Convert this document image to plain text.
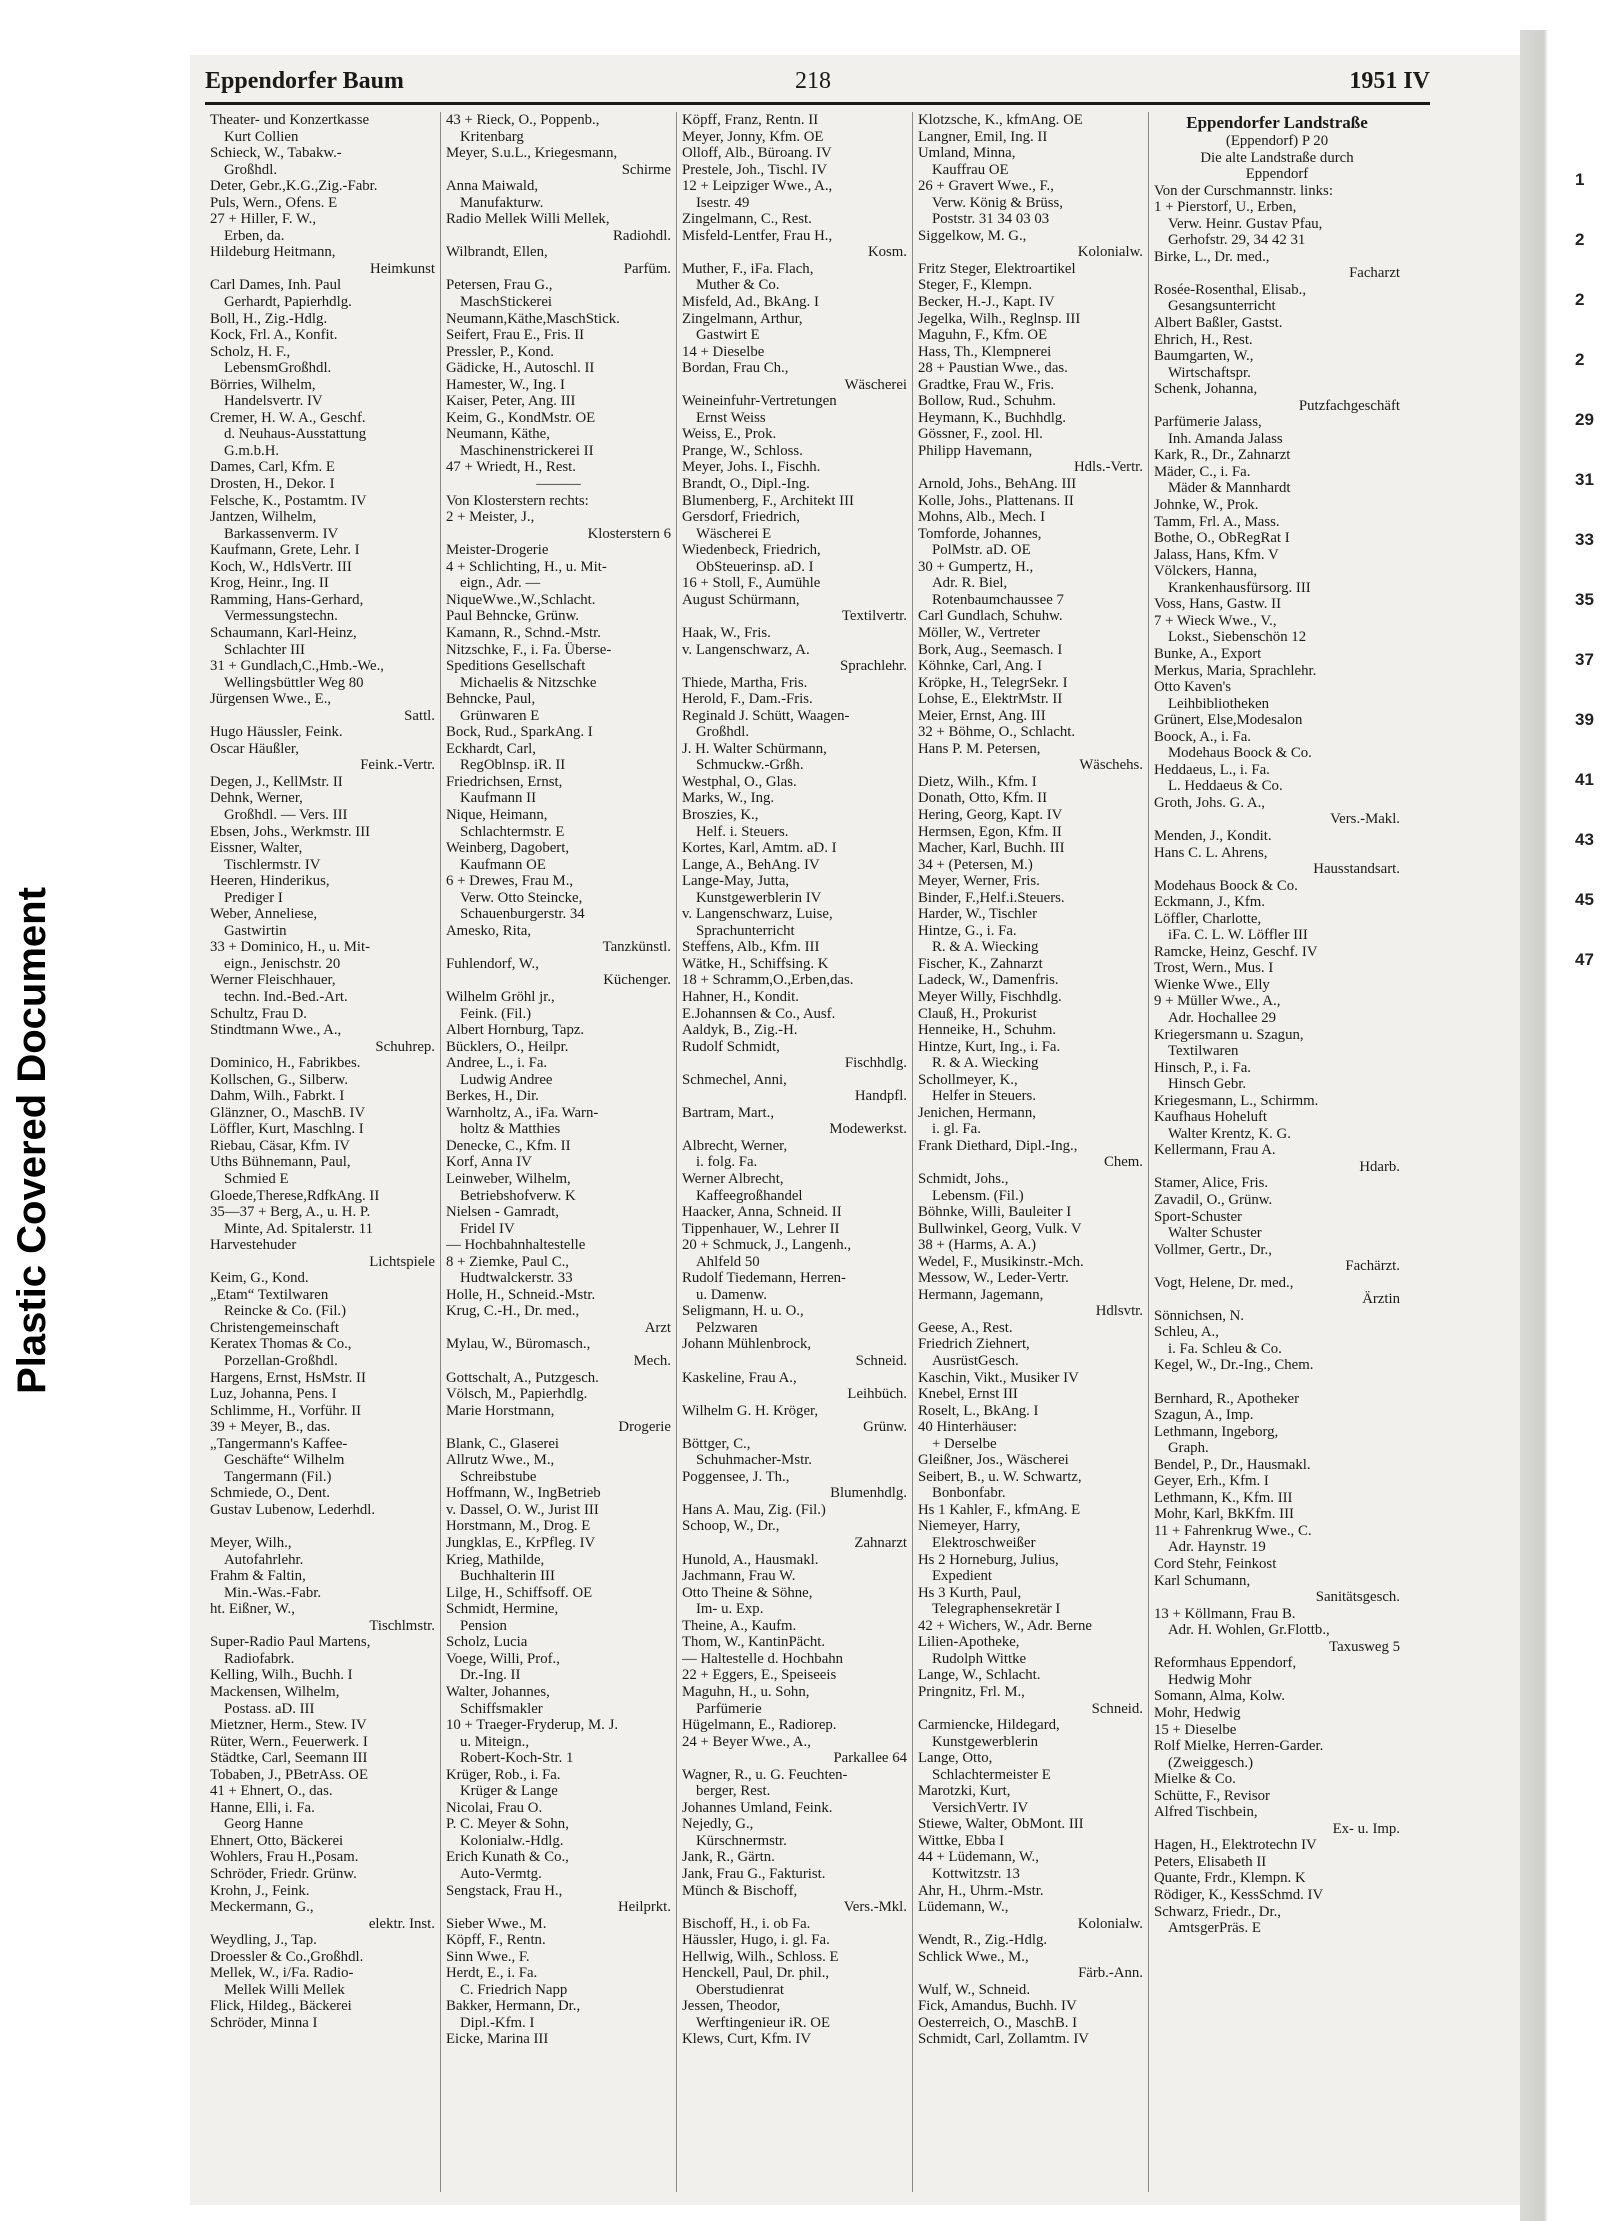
Plastic Covered Document
1
2
2
2
29
31
33
35
37
39
41
43
45
47
Eppendorfer Baum	218	1951 IV
Theater- und Konzertkasse
Kurt Collien
Schieck, W., Tabakw.-
Großhdl.
Deter, Gebr.,K.G.,Zig.-Fabr.
Puls, Wern., Ofens. E
27 + Hiller, F. W.,
Erben, da.
Hildeburg Heitmann,
Heimkunst
Carl Dames, Inh. Paul
Gerhardt, Papierhdlg.
Boll, H., Zig.-Hdlg.
Kock, Frl. A., Konfit.
Scholz, H. F.,
LebensmGroßhdl.
Börries, Wilhelm,
Handelsvertr. IV
Cremer, H. W. A., Geschf.
d. Neuhaus-Ausstattung
G.m.b.H.
Dames, Carl, Kfm. E
Drosten, H., Dekor. I
Felsche, K., Postamtm. IV
Jantzen, Wilhelm,
Barkassenverm. IV
Kaufmann, Grete, Lehr. I
Koch, W., HdlsVertr. III
Krog, Heinr., Ing. II
Ramming, Hans-Gerhard,
Vermessungstechn.
Schaumann, Karl-Heinz,
Schlachter III
31 + Gundlach,C.,Hmb.-We.,
Wellingsbüttler Weg 80
Jürgensen Wwe., E.,
Sattl.
Hugo Häussler, Feink.
Oscar Häußler,
Feink.-Vertr.
Degen, J., KellMstr. II
Dehnk, Werner,
Großhdl. — Vers. III
Ebsen, Johs., Werkmstr. III
Eissner, Walter,
Tischlermstr. IV
Heeren, Hinderikus,
Prediger I
Weber, Anneliese,
Gastwirtin
33 + Dominico, H., u. Mit-
eign., Jenischstr. 20
Werner Fleischhauer,
techn. Ind.-Bed.-Art.
Schultz, Frau D.
Stindtmann Wwe., A.,
Schuhrep.
Dominico, H., Fabrikbes.
Kollschen, G., Silberw.
Dahm, Wilh., Fabrkt. I
Glänzner, O., MaschB. IV
Löffler, Kurt, Maschlng. I
Riebau, Cäsar, Kfm. IV
Uths Bühnemann, Paul,
Schmied E
Gloede,Therese,RdfkAng. II
35—37 + Berg, A., u. H. P.
Minte, Ad. Spitalerstr. 11
Harvestehuder
Lichtspiele
Keim, G., Kond.
„Etam“ Textilwaren
Reincke & Co. (Fil.)
Christengemeinschaft
Keratex Thomas & Co.,
Porzellan-Großhdl.
Hargens, Ernst, HsMstr. II
Luz, Johanna, Pens. I
Schlimme, H., Vorführ. II
39 + Meyer, B., das.
„Tangermann's Kaffee-
Geschäfte“ Wilhelm
Tangermann (Fil.)
Schmiede, O., Dent.
Gustav Lubenow, Lederhdl.

Meyer, Wilh.,
Autofahrlehr.
Frahm & Faltin,
Min.-Was.-Fabr.
ht. Eißner, W.,
Tischlmstr.
Super-Radio Paul Martens,
Radiofabrk.
Kelling, Wilh., Buchh. I
Mackensen, Wilhelm,
Postass. aD. III
Mietzner, Herm., Stew. IV
Rüter, Wern., Feuerwerk. I
Städtke, Carl, Seemann III
Tobaben, J., PBetrAss. OE
41 + Ehnert, O., das.
Hanne, Elli, i. Fa.
Georg Hanne
Ehnert, Otto, Bäckerei
Wohlers, Frau H.,Posam.
Schröder, Friedr. Grünw.
Krohn, J., Feink.
Meckermann, G.,
elektr. Inst.
Weydling, J., Tap.
Droessler & Co.,Großhdl.
Mellek, W., i/Fa. Radio-
Mellek Willi Mellek
Flick, Hildeg., Bäckerei
Schröder, Minna I
43 + Rieck, O., Poppenb.,
Kritenbarg
Meyer, S.u.L., Kriegesmann,
Schirme
Anna Maiwald,
Manufakturw.
Radio Mellek Willi Mellek,
Radiohdl.
Wilbrandt, Ellen,
Parfüm.
Petersen, Frau G.,
MaschStickerei
Neumann,Käthe,MaschStick.
Seifert, Frau E., Fris. II
Pressler, P., Kond.
Gädicke, H., Autoschl. II
Hamester, W., Ing. I
Kaiser, Peter, Ang. III
Keim, G., KondMstr. OE
Neumann, Käthe,
Maschinenstrickerei II
47 + Wriedt, H., Rest.
———
Von Klosterstern rechts:
2 + Meister, J.,
Klosterstern 6
Meister-Drogerie
4 + Schlichting, H., u. Mit-
eign., Adr. —
NiqueWwe.,W.,Schlacht.
Paul Behncke, Grünw.
Kamann, R., Schnd.-Mstr.
Nitzschke, F., i. Fa. Überse-
Speditions Gesellschaft
Michaelis & Nitzschke
Behncke, Paul,
Grünwaren E
Bock, Rud., SparkAng. I
Eckhardt, Carl,
RegOblnsp. iR. II
Friedrichsen, Ernst,
Kaufmann II
Nique, Heimann,
Schlachtermstr. E
Weinberg, Dagobert,
Kaufmann OE
6 + Drewes, Frau M.,
Verw. Otto Steincke,
Schauenburgerstr. 34
Amesko, Rita,
Tanzkünstl.
Fuhlendorf, W.,
Küchenger.
Wilhelm Gröhl jr.,
Feink. (Fil.)
Albert Hornburg, Tapz.
Bücklers, O., Heilpr.
Andree, L., i. Fa.
Ludwig Andree
Berkes, H., Dir.
Warnholtz, A., iFa. Warn-
holtz & Matthies
Denecke, C., Kfm. II
Korf, Anna IV
Leinweber, Wilhelm,
Betriebshofverw. K
Nielsen - Gamradt,
Fridel IV
— Hochbahnhaltestelle
8 + Ziemke, Paul C.,
Hudtwalckerstr. 33
Holle, H., Schneid.-Mstr.
Krug, C.-H., Dr. med.,
Arzt
Mylau, W., Büromasch.,
Mech.
Gottschalt, A., Putzgesch.
Völsch, M., Papierhdlg.
Marie Horstmann,
Drogerie
Blank, C., Glaserei
Allrutz Wwe., M.,
Schreibstube
Hoffmann, W., IngBetrieb
v. Dassel, O. W., Jurist III
Horstmann, M., Drog. E
Jungklas, E., KrPfleg. IV
Krieg, Mathilde,
Buchhalterin III
Lilge, H., Schiffsoff. OE
Schmidt, Hermine,
Pension
Scholz, Lucia
Voege, Willi, Prof.,
Dr.-Ing. II
Walter, Johannes,
Schiffsmakler
10 + Traeger-Fryderup, M. J.
u. Miteign.,
Robert-Koch-Str. 1
Krüger, Rob., i. Fa.
Krüger & Lange
Nicolai, Frau O.
P. C. Meyer & Sohn,
Kolonialw.-Hdlg.
Erich Kunath & Co.,
Auto-Vermtg.
Sengstack, Frau H.,
Heilprkt.
Sieber Wwe., M.
Köpff, F., Rentn.
Sinn Wwe., F.
Herdt, E., i. Fa.
C. Friedrich Napp
Bakker, Hermann, Dr.,
Dipl.-Kfm. I
Eicke, Marina III
Köpff, Franz, Rentn. II
Meyer, Jonny, Kfm. OE
Olloff, Alb., Büroang. IV
Prestele, Joh., Tischl. IV
12 + Leipziger Wwe., A.,
Isestr. 49
Zingelmann, C., Rest.
Misfeld-Lentfer, Frau H.,
Kosm.
Muther, F., iFa. Flach,
Muther & Co.
Misfeld, Ad., BkAng. I
Zingelmann, Arthur,
Gastwirt E
14 + Dieselbe
Bordan, Frau Ch.,
Wäscherei
Weineinfuhr-Vertretungen
Ernst Weiss
Weiss, E., Prok.
Prange, W., Schloss.
Meyer, Johs. I., Fischh.
Brandt, O., Dipl.-Ing.
Blumenberg, F., Architekt III
Gersdorf, Friedrich,
Wäscherei E
Wiedenbeck, Friedrich,
ObSteuerinsp. aD. I
16 + Stoll, F., Aumühle
August Schürmann,
Textilvertr.
Haak, W., Fris.
v. Langenschwarz, A.
Sprachlehr.
Thiede, Martha, Fris.
Herold, F., Dam.-Fris.
Reginald J. Schütt, Waagen-
Großhdl.
J. H. Walter Schürmann,
Schmuckw.-Grßh.
Westphal, O., Glas.
Marks, W., Ing.
Broszies, K.,
Helf. i. Steuers.
Kortes, Karl, Amtm. aD. I
Lange, A., BehAng. IV
Lange-May, Jutta,
Kunstgewerblerin IV
v. Langenschwarz, Luise,
Sprachunterricht
Steffens, Alb., Kfm. III
Wätke, H., Schiffsing. K
18 + Schramm,O.,Erben,das.
Hahner, H., Kondit.
E.Johannsen & Co., Ausf.
Aaldyk, B., Zig.-H.
Rudolf Schmidt,
Fischhdlg.
Schmechel, Anni,
Handpfl.
Bartram, Mart.,
Modewerkst.
Albrecht, Werner,
i. folg. Fa.
Werner Albrecht,
Kaffeegroßhandel
Haacker, Anna, Schneid. II
Tippenhauer, W., Lehrer II
20 + Schmuck, J., Langenh.,
Ahlfeld 50
Rudolf Tiedemann, Herren-
u. Damenw.
Seligmann, H. u. O.,
Pelzwaren
Johann Mühlenbrock,
Schneid.
Kaskeline, Frau A.,
Leihbüch.
Wilhelm G. H. Kröger,
Grünw.
Böttger, C.,
Schuhmacher-Mstr.
Poggensee, J. Th.,
Blumenhdlg.
Hans A. Mau, Zig. (Fil.)
Schoop, W., Dr.,
Zahnarzt
Hunold, A., Hausmakl.
Jachmann, Frau W.
Otto Theine & Söhne,
Im- u. Exp.
Theine, A., Kaufm.
Thom, W., KantinPächt.
— Haltestelle d. Hochbahn
22 + Eggers, E., Speiseeis
Maguhn, H., u. Sohn,
Parfümerie
Hügelmann, E., Radiorep.
24 + Beyer Wwe., A.,
Parkallee 64
Wagner, R., u. G. Feuchten-
berger, Rest.
Johannes Umland, Feink.
Nejedly, G.,
Kürschnermstr.
Jank, R., Gärtn.
Jank, Frau G., Fakturist.
Münch & Bischoff,
Vers.-Mkl.
Bischoff, H., i. ob Fa.
Häussler, Hugo, i. gl. Fa.
Hellwig, Wilh., Schloss. E
Henckell, Paul, Dr. phil.,
Oberstudienrat
Jessen, Theodor,
Werftingenieur iR. OE
Klews, Curt, Kfm. IV
Klotzsche, K., kfmAng. OE
Langner, Emil, Ing. II
Umland, Minna,
Kauffrau OE
26 + Gravert Wwe., F.,
Verw. König & Brüss,
Poststr. 31 34 03 03
Siggelkow, M. G.,
Kolonialw.
Fritz Steger, Elektroartikel
Steger, F., Klempn.
Becker, H.-J., Kapt. IV
Jegelka, Wilh., Reglnsp. III
Maguhn, F., Kfm. OE
Hass, Th., Klempnerei
28 + Paustian Wwe., das.
Gradtke, Frau W., Fris.
Bollow, Rud., Schuhm.
Heymann, K., Buchhdlg.
Gössner, F., zool. Hl.
Philipp Havemann,
Hdls.-Vertr.
Arnold, Johs., BehAng. III
Kolle, Johs., Plattenans. II
Mohns, Alb., Mech. I
Tomforde, Johannes,
PolMstr. aD. OE
30 + Gumpertz, H.,
Adr. R. Biel,
Rotenbaumchaussee 7
Carl Gundlach, Schuhw.
Möller, W., Vertreter
Bork, Aug., Seemasch. I
Köhnke, Carl, Ang. I
Kröpke, H., TelegrSekr. I
Lohse, E., ElektrMstr. II
Meier, Ernst, Ang. III
32 + Böhme, O., Schlacht.
Hans P. M. Petersen,
Wäschehs.
Dietz, Wilh., Kfm. I
Donath, Otto, Kfm. II
Hering, Georg, Kapt. IV
Hermsen, Egon, Kfm. II
Macher, Karl, Buchh. III
34 + (Petersen, M.)
Meyer, Werner, Fris.
Binder, F.,Helf.i.Steuers.
Harder, W., Tischler
Hintze, G., i. Fa.
R. & A. Wiecking
Fischer, K., Zahnarzt
Ladeck, W., Damenfris.
Meyer Willy, Fischhdlg.
Clauß, H., Prokurist
Henneike, H., Schuhm.
Hintze, Kurt, Ing., i. Fa.
R. & A. Wiecking
Schollmeyer, K.,
Helfer in Steuers.
Jenichen, Hermann,
i. gl. Fa.
Frank Diethard, Dipl.-Ing.,
Chem.
Schmidt, Johs.,
Lebensm. (Fil.)
Böhnke, Willi, Bauleiter I
Bullwinkel, Georg, Vulk. V
38 + (Harms, A. A.)
Wedel, F., Musikinstr.-Mch.
Messow, W., Leder-Vertr.
Hermann, Jagemann,
Hdlsvtr.
Geese, A., Rest.
Friedrich Ziehnert,
AusrüstGesch.
Kaschin, Vikt., Musiker IV
Knebel, Ernst III
Roselt, L., BkAng. I
40 Hinterhäuser:
+ Derselbe
Gleißner, Jos., Wäscherei
Seibert, B., u. W. Schwartz,
Bonbonfabr.
Hs 1 Kahler, F., kfmAng. E
Niemeyer, Harry,
Elektroschweißer
Hs 2 Horneburg, Julius,
Expedient
Hs 3 Kurth, Paul,
Telegraphensekretär I
42 + Wichers, W., Adr. Berne
Lilien-Apotheke,
Rudolph Wittke
Lange, W., Schlacht.
Pringnitz, Frl. M.,
Schneid.
Carmiencke, Hildegard,
Kunstgewerblerin
Lange, Otto,
Schlachtermeister E
Marotzki, Kurt,
VersichVertr. IV
Stiewe, Walter, ObMont. III
Wittke, Ebba I
44 + Lüdemann, W.,
Kottwitzstr. 13
Ahr, H., Uhrm.-Mstr.
Lüdemann, W.,
Kolonialw.
Wendt, R., Zig.-Hdlg.
Schlick Wwe., M.,
Färb.-Ann.
Wulf, W., Schneid.
Fick, Amandus, Buchh. IV
Oesterreich, O., MaschB. I
Schmidt, Carl, Zollamtm. IV
Eppendorfer Landstraße
(Eppendorf) P 20
Die alte Landstraße durch
Eppendorf
Von der Curschmannstr. links:
1 + Pierstorf, U., Erben,
Verw. Heinr. Gustav Pfau,
Gerhofstr. 29, 34 42 31
Birke, L., Dr. med.,
Facharzt
Rosée-Rosenthal, Elisab.,
Gesangsunterricht
Albert Baßler, Gastst.
Ehrich, H., Rest.
Baumgarten, W.,
Wirtschaftspr.
Schenk, Johanna,
Putzfachgeschäft
Parfümerie Jalass,
Inh. Amanda Jalass
Kark, R., Dr., Zahnarzt
Mäder, C., i. Fa.
Mäder & Mannhardt
Johnke, W., Prok.
Tamm, Frl. A., Mass.
Bothe, O., ObRegRat I
Jalass, Hans, Kfm. V
Völckers, Hanna,
Krankenhausfürsorg. III
Voss, Hans, Gastw. II
7 + Wieck Wwe., V.,
Lokst., Siebenschön 12
Bunke, A., Export
Merkus, Maria, Sprachlehr.
Otto Kaven's
Leihbibliotheken
Grünert, Else,Modesalon
Boock, A., i. Fa.
Modehaus Boock & Co.
Heddaeus, L., i. Fa.
L. Heddaeus & Co.
Groth, Johs. G. A.,
Vers.-Makl.
Menden, J., Kondit.
Hans C. L. Ahrens,
Hausstandsart.
Modehaus Boock & Co.
Eckmann, J., Kfm.
Löffler, Charlotte,
iFa. C. L. W. Löffler III
Ramcke, Heinz, Geschf. IV
Trost, Wern., Mus. I
Wienke Wwe., Elly
9 + Müller Wwe., A.,
Adr. Hochallee 29
Kriegersmann u. Szagun,
Textilwaren
Hinsch, P., i. Fa.
Hinsch Gebr.
Kriegesmann, L., Schirmm.
Kaufhaus Hoheluft
Walter Krentz, K. G.
Kellermann, Frau A.
Hdarb.
Stamer, Alice, Fris.
Zavadil, O., Grünw.
Sport-Schuster
Walter Schuster
Vollmer, Gertr., Dr.,
Fachärzt.
Vogt, Helene, Dr. med.,
Ärztin
Sönnichsen, N.
Schleu, A.,
i. Fa. Schleu & Co.
Kegel, W., Dr.-Ing., Chem.

Bernhard, R., Apotheker
Szagun, A., Imp.
Lethmann, Ingeborg,
Graph.
Bendel, P., Dr., Hausmakl.
Geyer, Erh., Kfm. I
Lethmann, K., Kfm. III
Mohr, Karl, BkKfm. III
11 + Fahrenkrug Wwe., C.
Adr. Haynstr. 19
Cord Stehr, Feinkost
Karl Schumann,
Sanitätsgesch.
13 + Köllmann, Frau B.
Adr. H. Wohlen, Gr.Flottb.,
Taxusweg 5
Reformhaus Eppendorf,
Hedwig Mohr
Somann, Alma, Kolw.
Mohr, Hedwig
15 + Dieselbe
Rolf Mielke, Herren-Garder.
(Zweiggesch.)
Mielke & Co.
Schütte, F., Revisor
Alfred Tischbein,
Ex- u. Imp.
Hagen, H., Elektrotechn IV
Peters, Elisabeth II
Quante, Frdr., Klempn. K
Rödiger, K., KessSchmd. IV
Schwarz, Friedr., Dr.,
AmtsgerPräs. E
